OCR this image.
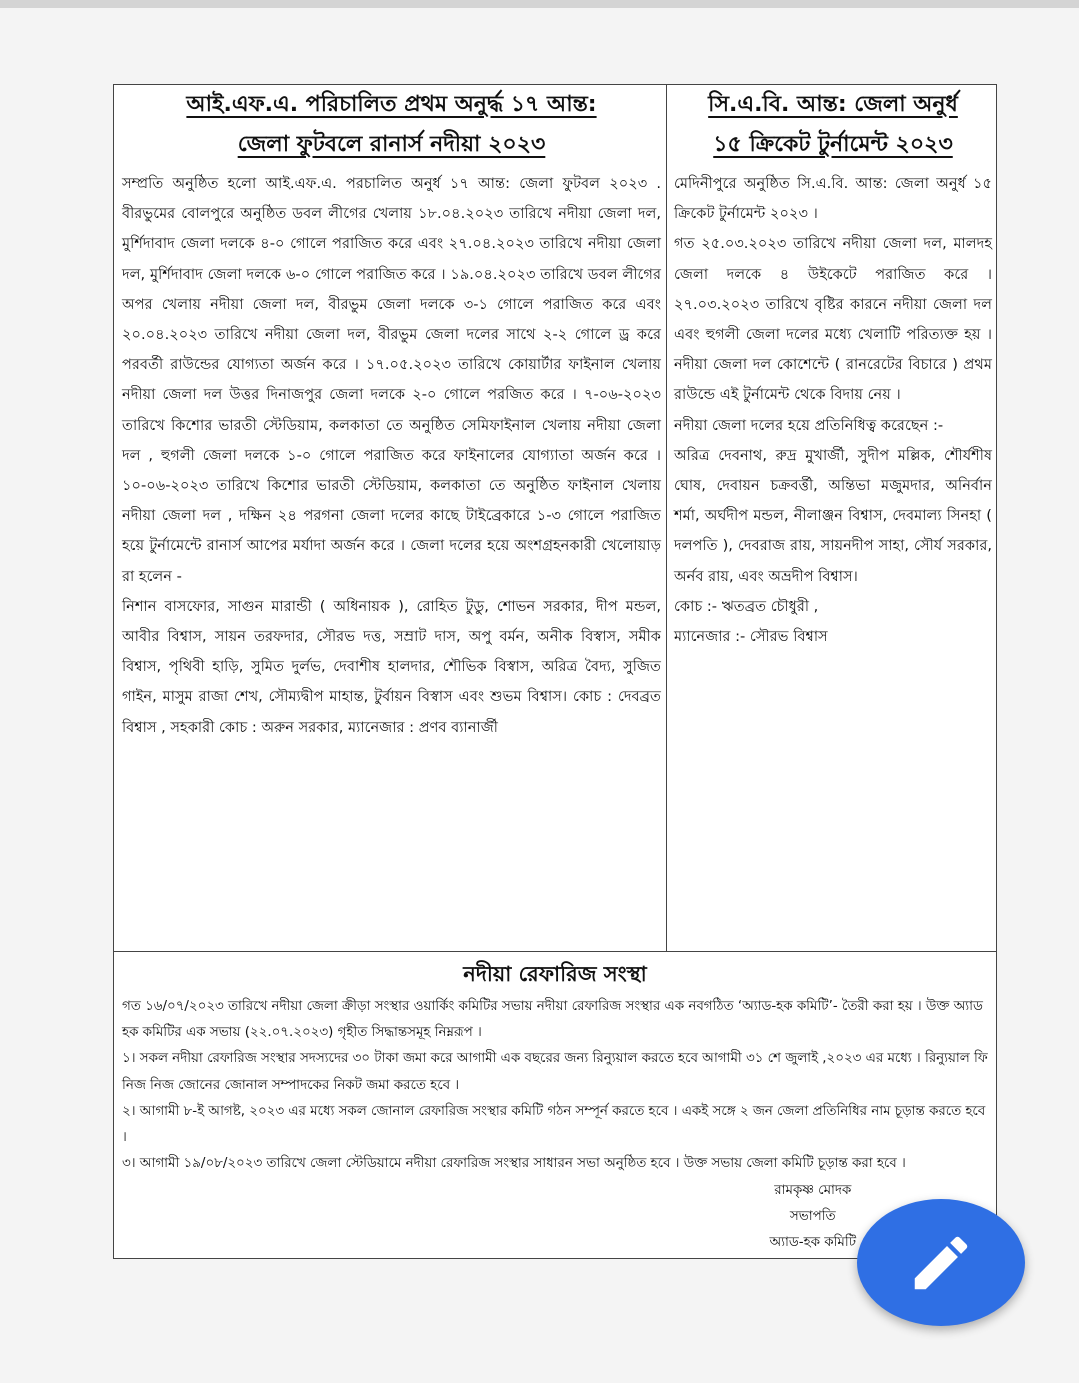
আই.এফ.এ. পরিচালিত প্রথম অনুর্দ্ধ ১৭ আন্ত:
জেলা ফুটবলে রানার্স নদীয়া ২০২৩

সম্প্রতি অনুষ্ঠিত হলো আই.এফ.এ. পরচালিত অনুর্ধ ১৭ আন্ত: জেলা ফুটবল ২০২৩ . বীরভুমের বোলপুরে অনুষ্ঠিত ডবল লীগের খেলায় ১৮.০৪.২০২৩ তারিখে নদীয়া জেলা দল, মুর্শিদাবাদ জেলা দলকে ৪-০ গোলে পরাজিত করে এবং ২৭.০৪.২০২৩ তারিখে নদীয়া জেলা দল, মুর্শিদাবাদ জেলা দলকে ৬-০ গোলে পরাজিত করে । ১৯.০৪.২০২৩ তারিখে ডবল লীগের অপর খেলায় নদীয়া জেলা দল, বীরভুম জেলা দলকে ৩-১ গোলে পরাজিত করে এবং ২০.০৪.২০২৩ তারিখে নদীয়া জেলা দল, বীরভুম জেলা দলের সাথে ২-২ গোলে ড্র করে পরবর্তী রাউন্ডের যোগ্যতা অর্জন করে । ১৭.০৫.২০২৩ তারিখে কোয়ার্টার ফাইনাল খেলায় নদীয়া জেলা দল উত্তর দিনাজপুর জেলা দলকে ২-০ গোলে পরজিত করে । ৭-০৬-২০২৩ তারিখে কিশোর ভারতী স্টেডিয়াম, কলকাতা তে অনুষ্ঠিত সেমিফাইনাল খেলায় নদীয়া জেলা দল , হুগলী জেলা দলকে ১-০ গোলে পরাজিত করে ফাইনালের যোগ্যাতা অর্জন করে । ১০-০৬-২০২৩ তারিখে কিশোর ভারতী স্টেডিয়াম, কলকাতা তে অনুষ্ঠিত ফাইনাল খেলায় নদীয়া জেলা দল , দক্ষিন ২৪ পরগনা জেলা দলের কাছে টাইব্রেকারে ১-৩ গোলে পরাজিত হয়ে টুর্নামেন্টে রানার্স আপের মর্যাদা অর্জন করে । জেলা দলের হয়ে অংশগ্রহনকারী খেলোয়াড় রা হলেন -

নিশান বাসফোর, সাগুন মারান্ডী ( অধিনায়ক ), রোহিত টুডু, শোভন সরকার, দীপ মন্ডল, আবীর বিশ্বাস, সায়ন তরফদার, সৌরভ দত্ত, সম্রাট দাস, অপু বর্মন, অনীক বিস্বাস, সমীক বিশ্বাস, পৃথিবী হাড়ি, সুমিত দুর্লভ, দেবাশীষ হালদার, শৌভিক বিস্বাস, অরিত্র বৈদ্য, সুজিত গাইন, মাসুম রাজা শেখ, সৌম্যদ্বীপ মাহান্ত, টুর্বায়ন বিস্বাস এবং শুভম বিশ্বাস। কোচ : দেবব্রত বিশ্বাস , সহকারী কোচ : অরুন সরকার, ম্যানেজার : প্রণব ব্যানার্জী

সি.এ.বি. আন্ত: জেলা অনুর্ধ
১৫ ক্রিকেট টুর্নামেন্ট ২০২৩

মেদিনীপুরে অনুষ্ঠিত সি.এ.বি. আন্ত: জেলা অনুর্ধ ১৫ ক্রিকেট টুর্নামেন্ট ২০২৩ ।

গত ২৫.০৩.২০২৩ তারিখে নদীয়া জেলা দল, মালদহ জেলা দলকে ৪ উইকেটে পরাজিত করে । ২৭.০৩.২০২৩ তারিখে বৃষ্টির কারনে নদীয়া জেলা দল এবং হুগলী জেলা দলের মধ্যে খেলাটি পরিত্যক্ত হয় । নদীয়া জেলা দল কোশেন্টে ( রানরেটের বিচারে ) প্রথম রাউন্ডে এই টুর্নামেন্ট থেকে বিদায় নেয় ।

নদীয়া জেলা দলের হয়ে প্রতিনিধিত্ব করেছেন :-

অরিত্র দেবনাথ, রুদ্র মুখার্জী, সুদীপ মল্লিক, শৌর্যশীষ ঘোষ, দেবায়ন চক্রবর্ত্তী, অন্তিভা মজুমদার, অনির্বান শর্মা, অর্ঘদীপ মন্ডল, নীলাঞ্জন বিশ্বাস, দেবমাল্য সিনহা ( দলপতি ), দেবরাজ রায়, সায়নদীপ সাহা, সৌর্য সরকার, অর্নব রায়, এবং অভ্রদীপ বিশ্বাস।

কোচ :- ঋতব্রত চৌধুরী ,

ম্যানেজার :- সৌরভ বিশ্বাস

নদীয়া রেফারিজ সংস্থা

গত ১৬/০৭/২০২৩ তারিখে নদীয়া জেলা ক্রীড়া সংস্থার ওয়ার্কিং কমিটির সভায় নদীয়া রেফারিজ সংস্থার এক নবগঠিত ‘অ্যাড-হক কমিটি’- তৈরী করা হয় । উক্ত অ্যাড হক কমিটির এক সভায় (২২.০৭.২০২৩) গৃহীত সিদ্ধান্তসমূহ নিম্নরূপ ।

১। সকল নদীয়া রেফারিজ সংস্থার সদস্যদের ৩০ টাকা জমা করে আগামী এক বছরের জন্য রিন্যুয়াল করতে হবে আগামী ৩১ শে জুলাই ,২০২৩ এর মধ্যে । রিন্যুয়াল ফি নিজ নিজ জোনের জোনাল সম্পাদকের নিকট জমা করতে হবে ।

২। আগামী ৮-ই আগষ্ট, ২০২৩ এর মধ্যে সকল জোনাল রেফারিজ সংস্থার কমিটি গঠন সম্পূর্ন করতে হবে । একই সঙ্গে ২ জন জেলা প্রতিনিধির নাম চূড়ান্ত করতে হবে ।

৩। আগামী ১৯/০৮/২০২৩ তারিখে জেলা স্টেডিয়ামে নদীয়া রেফারিজ সংস্থার সাধারন সভা অনুষ্ঠিত হবে । উক্ত সভায় জেলা কমিটি চূড়ান্ত করা হবে ।

রামকৃষ্ণ মোদক
সভাপতি
অ্যাড-হক কমিটি
